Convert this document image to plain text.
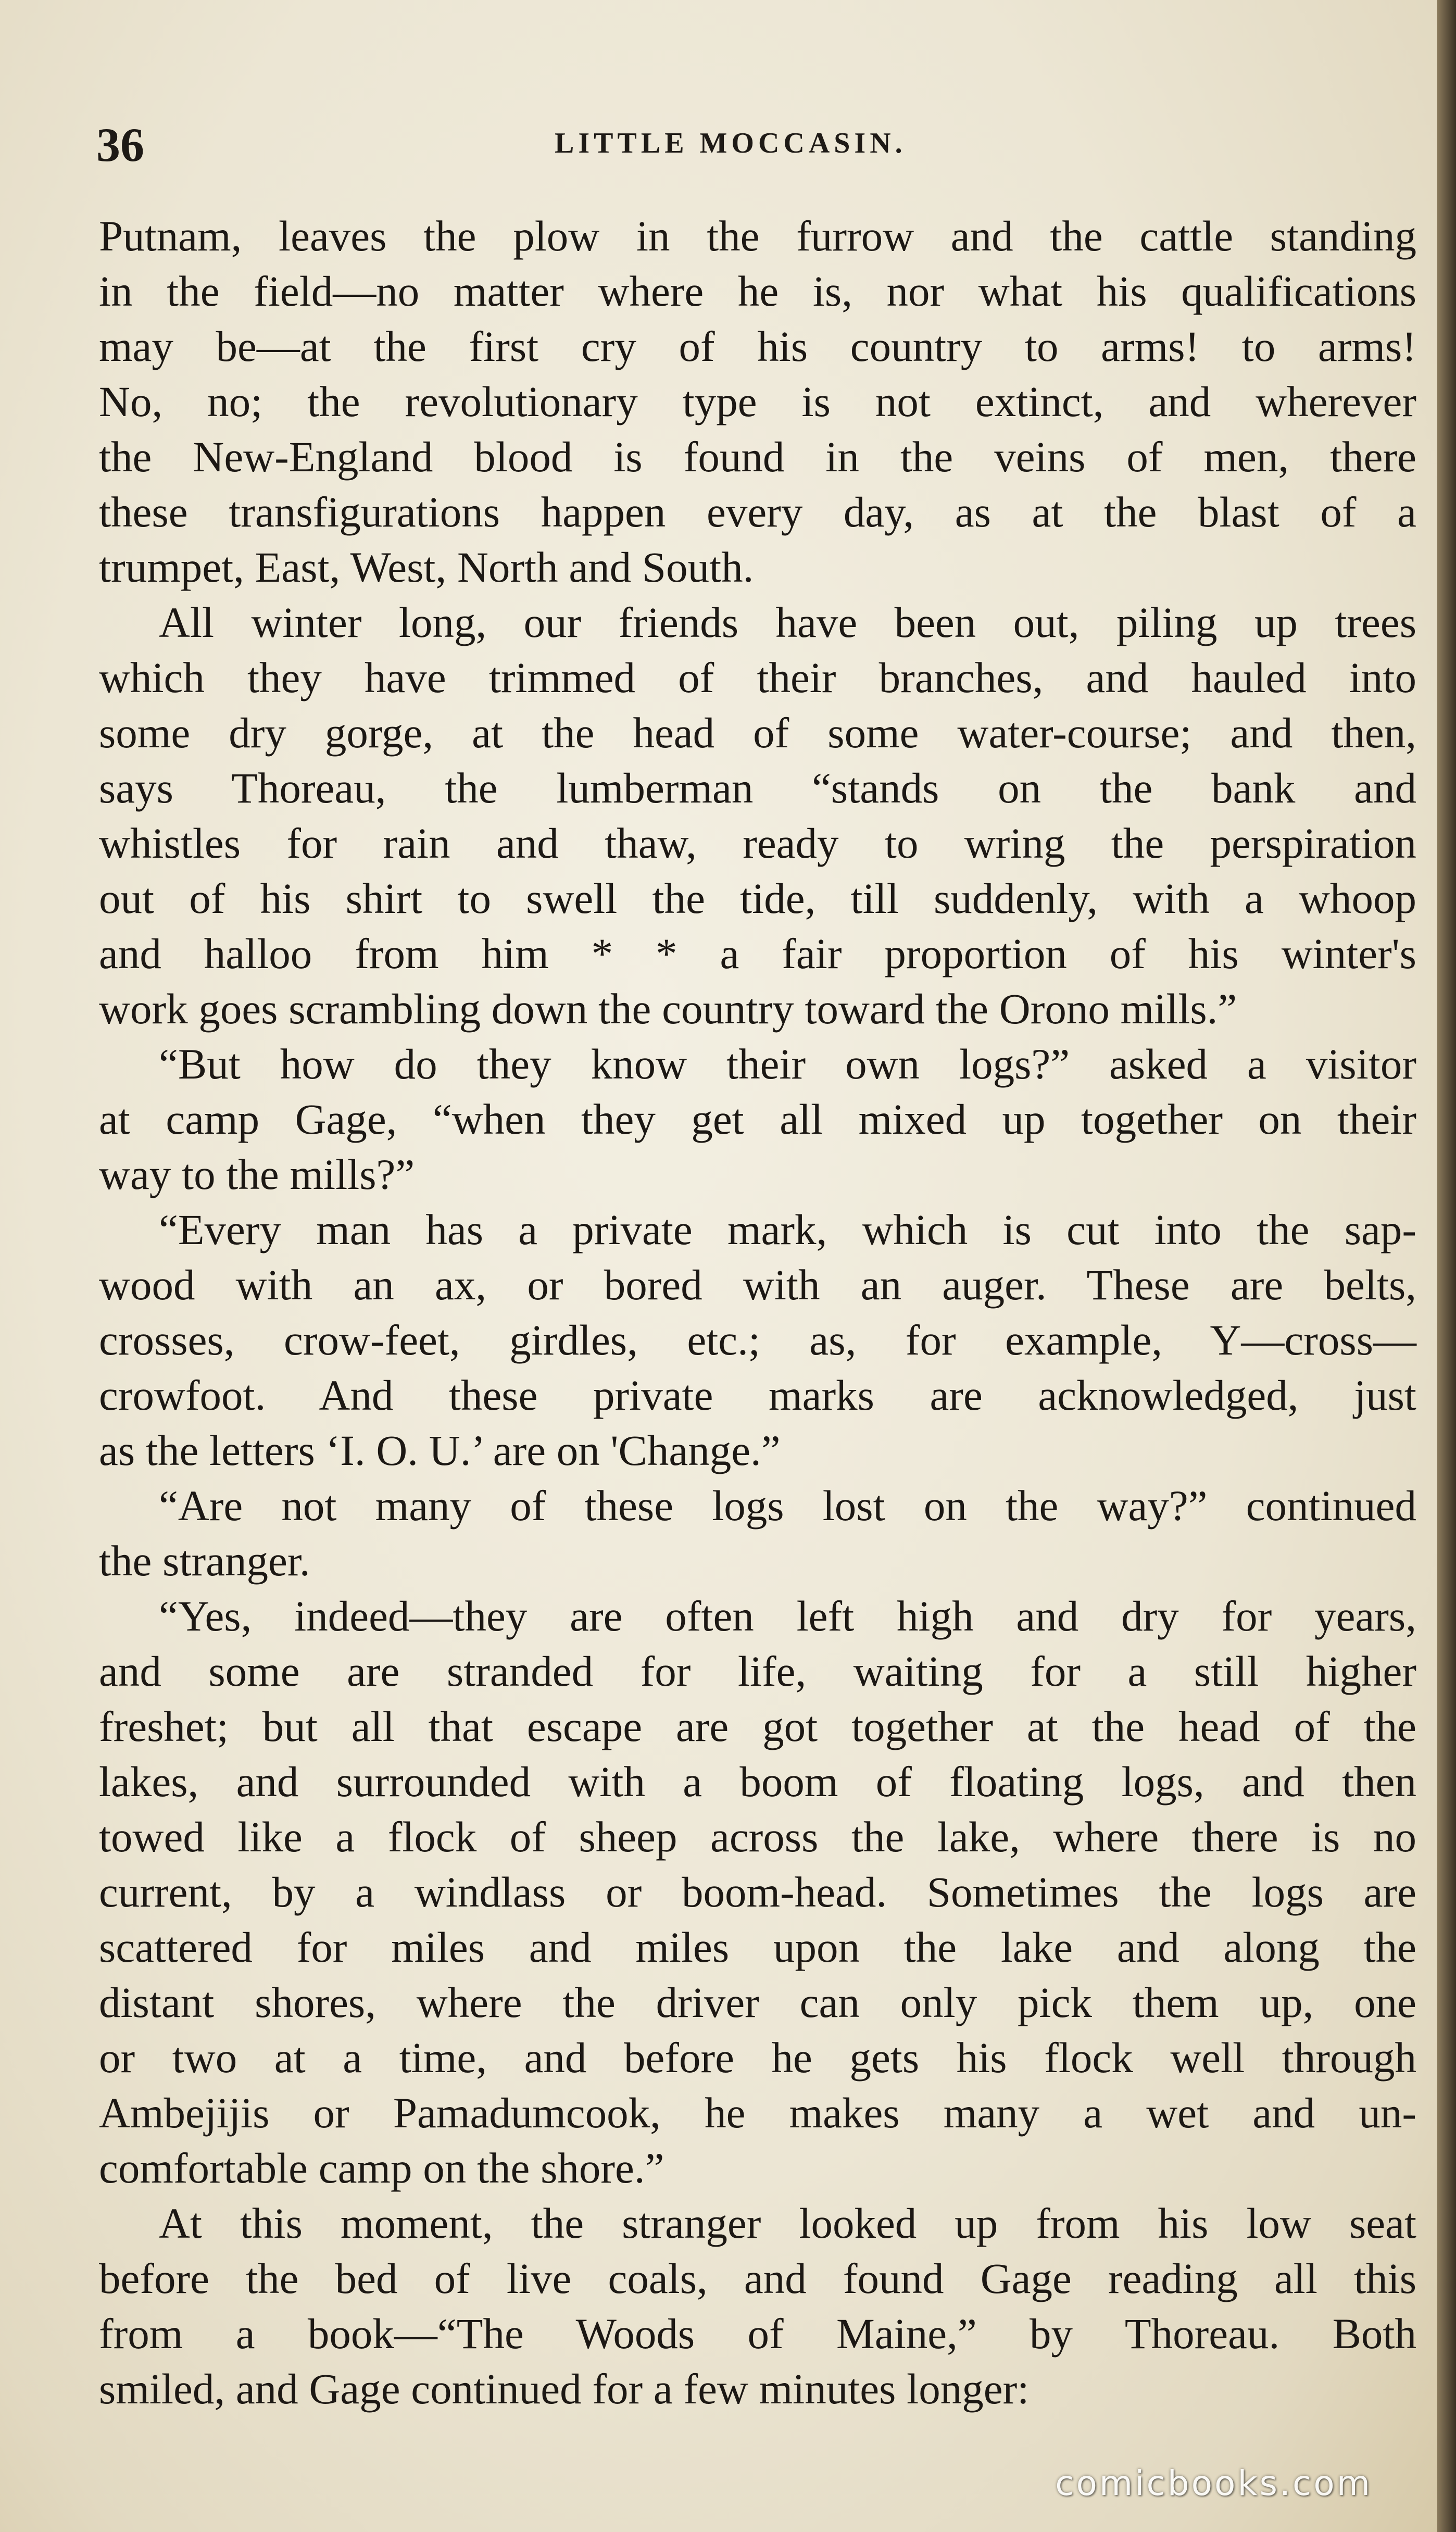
36	LITTLE MOCCASIN.
Putnam, leaves the plow in the furrow and the cattle standing
in the field—no matter where he is, nor what his qualifications
may be—at the first cry of his country to arms! to arms!
No, no; the revolutionary type is not extinct, and wherever
the New-England blood is found in the veins of men, there
these transfigurations happen every day, as at the blast of a
trumpet, East, West, North and South.
All winter long, our friends have been out, piling up trees
which they have trimmed of their branches, and hauled into
some dry gorge, at the head of some water-course; and then,
says Thoreau, the lumberman “stands on the bank and
whistles for rain and thaw, ready to wring the perspiration
out of his shirt to swell the tide, till suddenly, with a whoop
and halloo from him * * a fair proportion of his winter's
work goes scrambling down the country toward the Orono mills.”
“But how do they know their own logs?” asked a visitor
at camp Gage, “when they get all mixed up together on their
way to the mills?”
“Every man has a private mark, which is cut into the sap-
wood with an ax, or bored with an auger. These are belts,
crosses, crow-feet, girdles, etc.; as, for example, Y—cross—
crowfoot. And these private marks are acknowledged, just
as the letters ‘I. O. U.’ are on 'Change.”
“Are not many of these logs lost on the way?” continued
the stranger.
“Yes, indeed—they are often left high and dry for years,
and some are stranded for life, waiting for a still higher
freshet; but all that escape are got together at the head of the
lakes, and surrounded with a boom of floating logs, and then
towed like a flock of sheep across the lake, where there is no
current, by a windlass or boom-head. Sometimes the logs are
scattered for miles and miles upon the lake and along the
distant shores, where the driver can only pick them up, one
or two at a time, and before he gets his flock well through
Ambejijis or Pamadumcook, he makes many a wet and un-
comfortable camp on the shore.”
At this moment, the stranger looked up from his low seat
before the bed of live coals, and found Gage reading all this
from a book—“The Woods of Maine,” by Thoreau. Both
smiled, and Gage continued for a few minutes longer:
comicbooks.com
